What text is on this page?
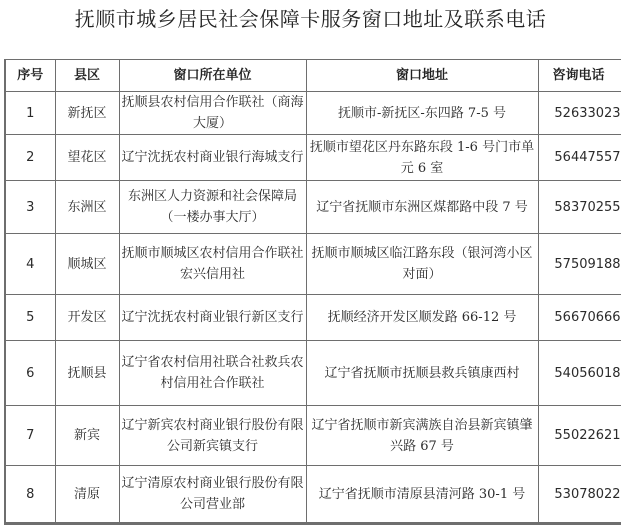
抚顺市城乡居民社会保障卡服务窗口地址及联系电话
序号	县区	窗口所在单位	窗口地址	咨询电话
1	新抚区	抚顺县农村信用合作联社（商海大厦）	抚顺市-新抚区-东四路 7-5 号	52633023
2	望花区	辽宁沈抚农村商业银行海城支行	抚顺市望花区丹东路东段 1-6 号门市单元 6 室	56447557
3	东洲区	东洲区人力资源和社会保障局（一楼办事大厅）	辽宁省抚顺市东洲区煤都路中段 7 号	58370255
4	顺城区	抚顺市顺城区农村信用合作联社宏兴信用社	抚顺市顺城区临江路东段（银河湾小区对面）	57509188
5	开发区	辽宁沈抚农村商业银行新区支行	抚顺经济开发区顺发路 66-12 号	56670666
6	抚顺县	辽宁省农村信用社联合社救兵农村信用社合作联社	辽宁省抚顺市抚顺县救兵镇康西村	54056018
7	新宾	辽宁新宾农村商业银行股份有限公司新宾镇支行	辽宁省抚顺市新宾满族自治县新宾镇肇兴路 67 号	55022621
8	清原	辽宁清原农村商业银行股份有限公司营业部	辽宁省抚顺市清原县清河路 30-1 号	53078022
